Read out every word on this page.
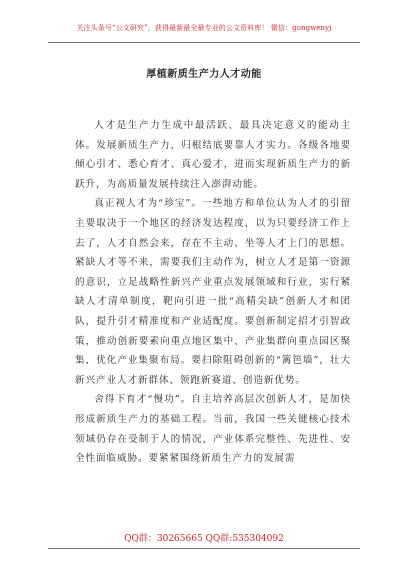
关注头条号“公文研究”，获得最新最全最专业的公文资料库！ 微信：gongwenyj
厚植新质生产力人才动能

人才是生产力生成中最活跃、最具决定意义的能动主体。发展新质生产力，归根结底要靠人才实力。各级各地要倾心引才、悉心育才、真心爱才，进而实现新质生产力的新跃升，为高质量发展持续注入澎湃动能。

真正视人才为“珍宝”。一些地方和单位认为人才的引留主要取决于一个地区的经济发达程度，以为只要经济工作上去了，人才自然会来，存在不主动、坐等人才上门的思想。紧缺人才等不来，需要我们主动作为，树立人才是第一资源的意识，立足战略性新兴产业重点发展领域和行业，实行紧缺人才清单制度，靶向引进一批“高精尖缺”创新人才和团队，提升引才精准度和产业适配度。要创新制定招才引智政策，推动创新要素向重点地区集中、产业集群向重点园区聚集，优化产业集聚布局。要扫除阻碍创新的“篱笆墙”，壮大新兴产业人才新群体、领跑新赛道、创造新优势。

舍得下育才“慢功”。自主培养高层次创新人才，是加快形成新质生产力的基础工程。当前，我国一些关键核心技术领域仍存在受制于人的情况，产业体系完整性、先进性、安全性面临威胁。要紧紧围绕新质生产力的发展需

QQ群：30265665 QQ群:535304092
